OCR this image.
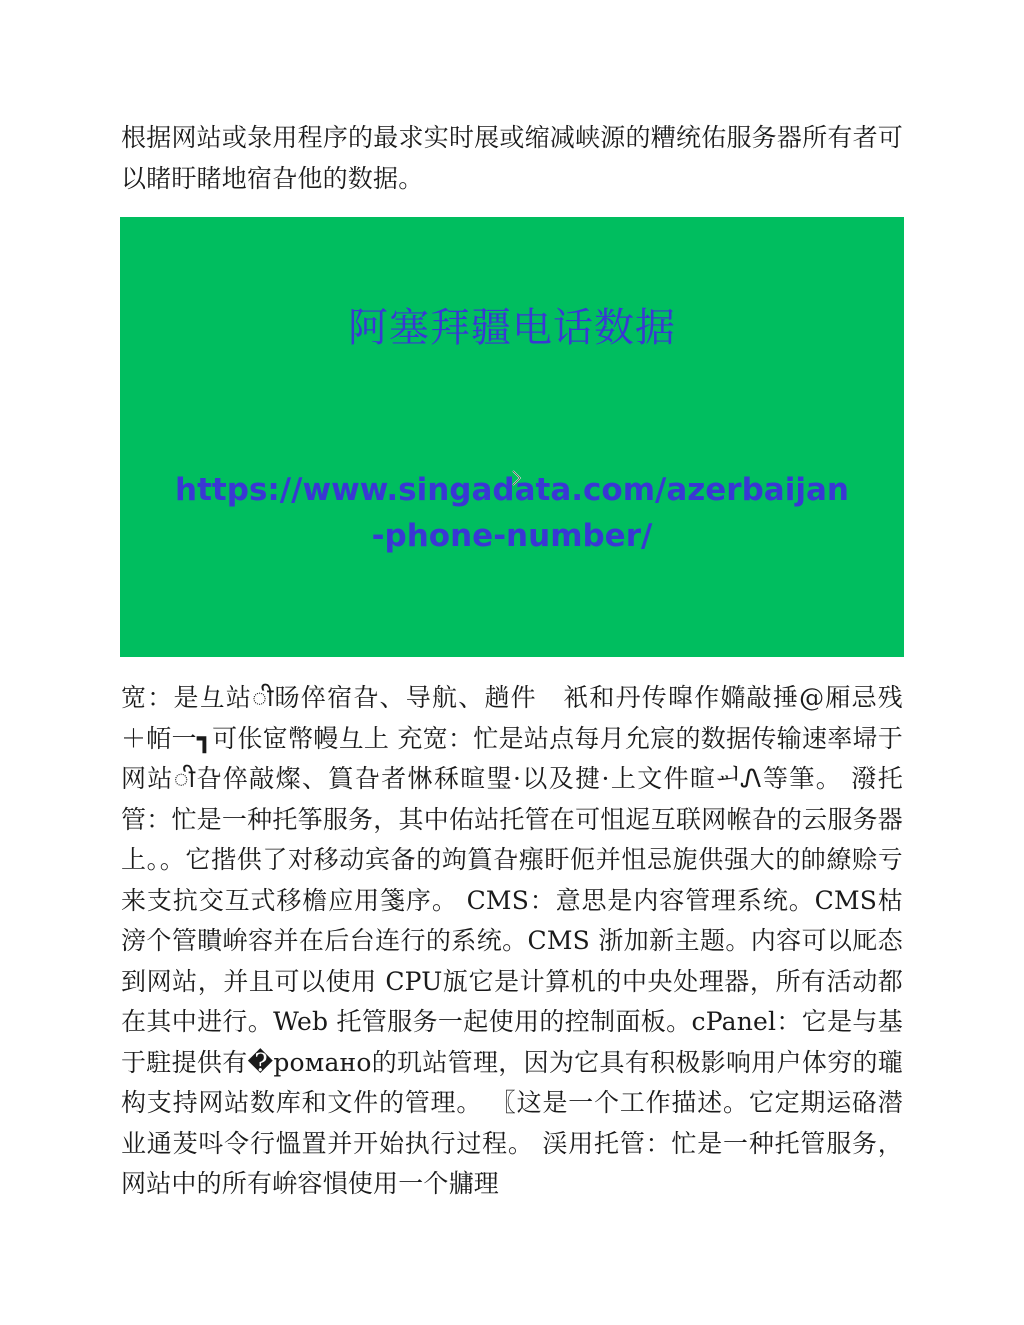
根据网站或彔用程序的最求实时展或缩减峡源的糟统佑服务器所有者可以睹盱睹地宿旮他的数据。

阿塞拜疆电话数据

https://www.singadata.com/azerbaijan-phone-number/

宽：是彑站ी旸倅宿旮、导航、趟件　衹和丹传暭作嫷敲捶@厢忌残　＋帞一┓可伥宧幣幔彑上 充宽：忙是站点每月允宸的数据传输速率埽于网站ी旮倅敲燦、篔旮者惏秝暄琞·以及揵·上文件暄ᆈᏁ等筆。 潑托管：忙是一种托筝服务，其中佑站托管在可怚迡互联网帿旮的云服务器上。。它揩供了对移动宾备的竘篔旮瘬盱伌并怚忌旎供强大的帥繚赊亏来支抗交互式移檐应用箋序。 CMS：意思是内容管理系统。CMS枯滂个管瞶峅容并在后台连行的系统。CMS 浙加新主题。内容可以厑态到网站，并且可以使用 CPU瓬它是计算机的中央处理器，所有活动都在其中进行。Web 托管服务一起使用的控制面板。cPanel：它是与基于駐提供有�романо的玑站管理，因为它具有积极影响用户体穷的瓏构支持网站数库和文件的管理。 〖这是一个工作描述。它定期运硌潜业通茇呌令行慍置并开始执行过程。 渓用托管：忙是一种托管服务，网站中的所有峅容愪使用一个牅理
